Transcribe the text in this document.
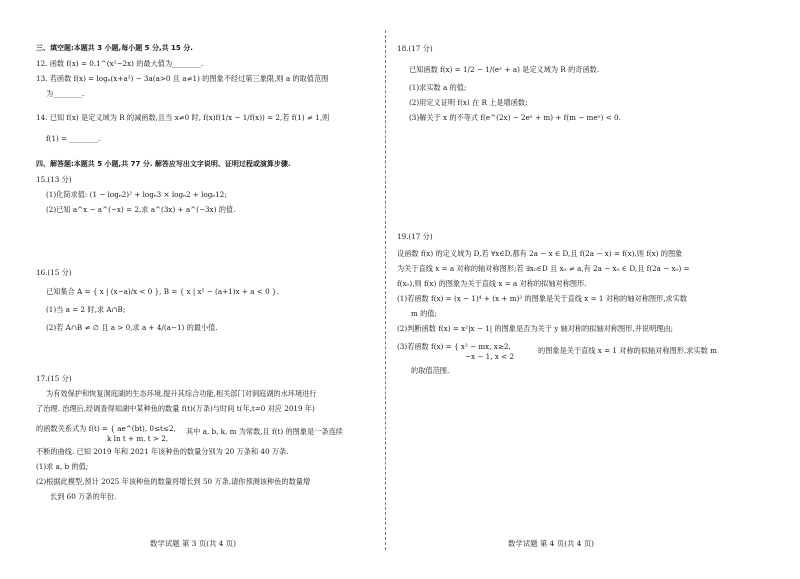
三、填空题:本题共 3 小题,每小题 5 分,共 15 分.
12. 函数 f(x) = 0.1^(x²−2x) 的最大值为________.
13. 若函数 f(x) = logₐ(x+a²) − 3a(a>0 且 a≠1) 的图象不经过第三象限,则 a 的取值范围
为________.
14. 已知 f(x) 是定义域为 R 的减函数,且当 x≠0 时, f(x)f(1/x − 1/f(x)) = 2,若 f(1) ≠ 1,则
f(1) = ________.
四、解答题:本题共 5 小题,共 77 分. 解答应写出文字说明、证明过程或演算步骤.
15.(13 分)
(1)化简求值: (1 − log₆2)² + log₆3 × log₆2 + log₆12;
(2)已知 a^x − a^(−x) = 2,求 a^(3x) + a^(−3x) 的值.
16.(15 分)
已知集合 A = { x | (x−a)/x < 0 }, B = { x | x² − (a+1)x + a < 0 }.
(1)当 a = 2 时,求 A∩B;
(2)若 A∩B ≠ ∅ 且 a > 0,求 a + 4/(a−1) 的最小值.
17.(15 分)
为有效保护和恢复洞庭湖的生态环境,提升其综合功能,相关部门对洞庭湖的水环境进行
了治理. 治理后,经调查得知湖中某种鱼的数量 f(t)(万条)与时间 t(年,t=0 对应 2019 年)
的函数关系式为 f(t) = { ae^(bt), 0≤t≤2, 其中 a, b, k, m 为常数,且 f(t) 的图象是一条连续
k ln t + m, t > 2,
不断的曲线. 已知 2019 年和 2021 年该种鱼的数量分别为 20 万条和 40 万条.
(1)求 a, b 的值;
(2)根据此模型,预计 2025 年该种鱼的数量将增长到 50 万条,请你预测该种鱼的数量增
长到 60 万条的年份.
数学试题 第 3 页(共 4 页)
18.(17 分)
已知函数 f(x) = 1/2 − 1/(eˣ + a) 是定义域为 R 的奇函数.
(1)求实数 a 的值;
(2)用定义证明 f(x) 在 R 上是增函数;
(3)解关于 x 的不等式 f(e^(2x) − 2eˣ + m) + f(m − meˣ) < 0.
19.(17 分)
设函数 f(x) 的定义域为 D,若 ∀x∈D,都有 2a − x ∈ D,且 f(2a − x) = f(x),则 f(x) 的图象
为关于直线 x = a 对称的轴对称图形;若 ∃x₀∈D 且 x₀ ≠ a,有 2a − x₀ ∈ D,且 f(2a − x₀) =
f(x₀),则 f(x) 的图象为关于直线 x = a 对称的拟轴对称图形.
(1)若函数 f(x) = (x − 1)⁴ + (x + m)² 的图象是关于直线 x = 1 对称的轴对称图形,求实数
m 的值;
(2)判断函数 f(x) = x²|x − 1| 的图象是否为关于 y 轴对称的拟轴对称图形,并说明理由;
(3)若函数 f(x) = { x² − mx, x≥2,	的图象是关于直线 x = 1 对称的拟轴对称图形,求实数 m
−x − 1, x < 2
的取值范围.
数学试题 第 4 页(共 4 页)
